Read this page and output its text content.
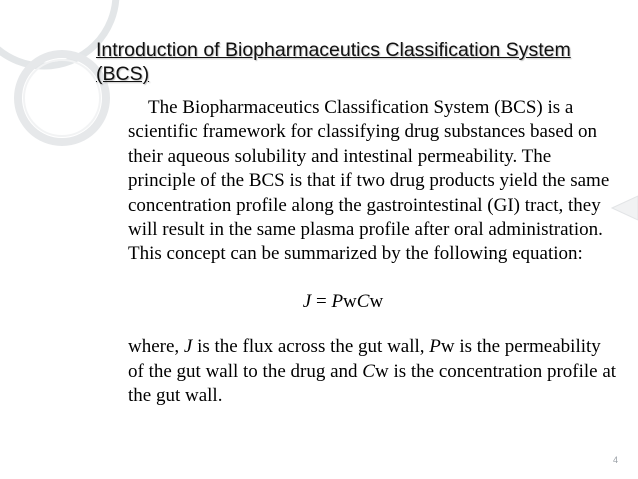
Introduction of Biopharmaceutics Classification System (BCS)

The Biopharmaceutics Classification System (BCS) is a scientific framework for classifying drug substances based on their aqueous solubility and intestinal permeability. The principle of the BCS is that if two drug products yield the same concentration profile along the gastrointestinal (GI) tract, they will result in the same plasma profile after oral administration. This concept can be summarized by the following equation:

J = PwCw

where, J is the flux across the gut wall, Pw is the permeability of the gut wall to the drug and Cw is the concentration profile at the gut wall.

4
